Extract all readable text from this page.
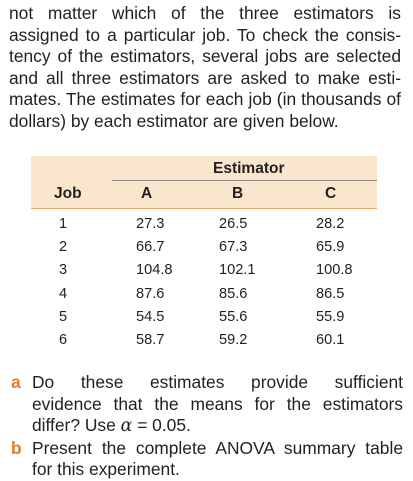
not matter which of the three estimators is
assigned to a particular job. To check the consis-
tency of the estimators, several jobs are selected
and all three estimators are asked to make esti-
mates. The estimates for each job (in thousands of
dollars) by each estimator are given below.
Estimator
Job	A	B	C
1	27.3	26.5	28.2
2	66.7	67.3	65.9
3	104.8	102.1	100.8
4	87.6	85.6	86.5
5	54.5	55.6	55.9
6	58.7	59.2	60.1
a Do these estimates provide sufficient
evidence that the means for the estimators
differ? Use α = 0.05.
b Present the complete ANOVA summary table
for this experiment.
